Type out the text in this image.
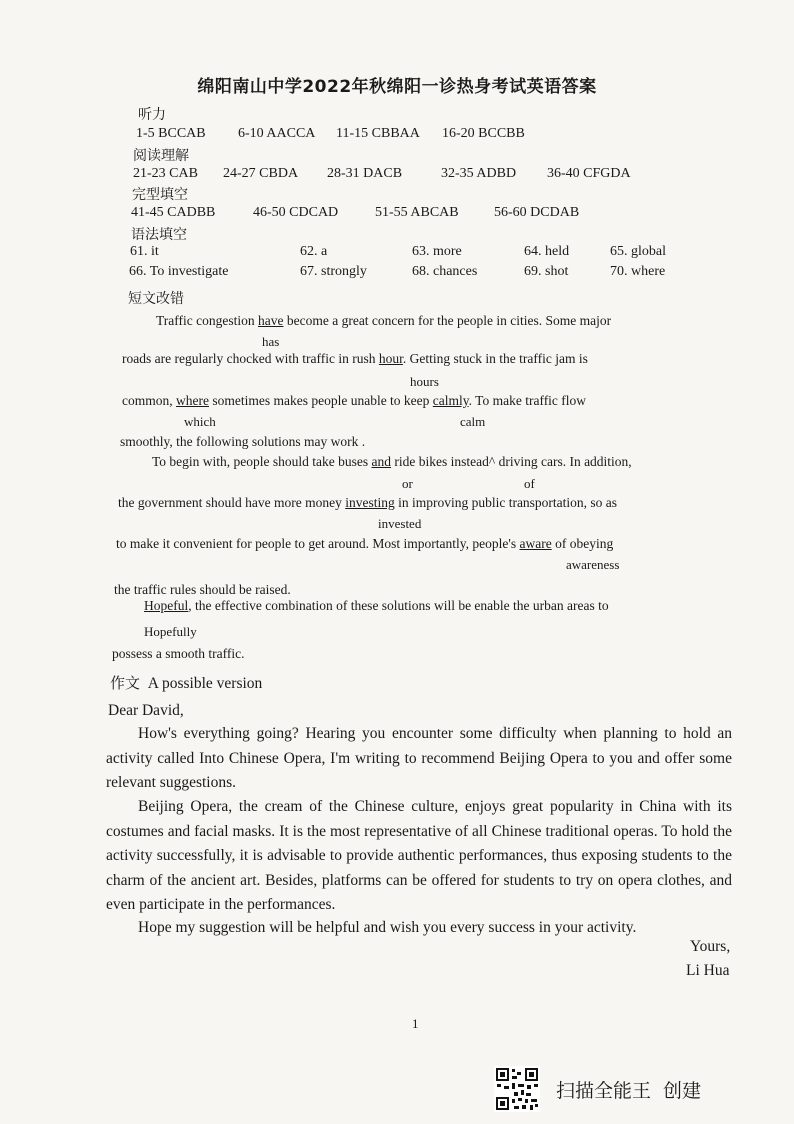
绵阳南山中学2022年秋绵阳一诊热身考试英语答案
听力
1-5 BCCAB 6-10 AACCA 11-15 CBBAA 16-20 BCCBB
阅读理解
21-23 CAB 24-27 CBDA 28-31 DACB	32-35 ADBD 36-40 CFGDA
完型填空
41-45 CADBB	46-50 CDCAD	51-55 ABCAB	56-60 DCDAB
语法填空
61. it	62. a	63. more	64. held	65. global
66. To investigate	67. strongly	68. chances	69. shot	70. where
短文改错
Traffic congestion have become a great concern for the people in cities. Some major
has
roads are regularly chocked with traffic in rush hour. Getting stuck in the traffic jam is
hours
common, where sometimes makes people unable to keep calmly. To make traffic flow
which	calm
smoothly, the following solutions may work .
To begin with, people should take buses and ride bikes instead^ driving cars. In addition,
or	of
the government should have more money investing in improving public transportation, so as
invested
to make it convenient for people to get around. Most importantly, people's aware of obeying
awareness
the traffic rules should be raised.
Hopeful, the effective combination of these solutions will be enable the urban areas to
Hopefully
possess a smooth traffic.
作文 A possible version
Dear David,
How's everything going? Hearing you encounter some difficulty when planning to hold an activity called Into Chinese Opera, I'm writing to recommend Beijing Opera to you and offer some relevant suggestions.
Beijing Opera, the cream of the Chinese culture, enjoys great popularity in China with its costumes and facial masks. It is the most representative of all Chinese traditional operas. To hold the activity successfully, it is advisable to provide authentic performances, thus exposing students to the charm of the ancient art. Besides, platforms can be offered for students to try on opera clothes, and even participate in the performances.
Hope my suggestion will be helpful and wish you every success in your activity.
Yours,
Li Hua
1
扫描全能王 创建
